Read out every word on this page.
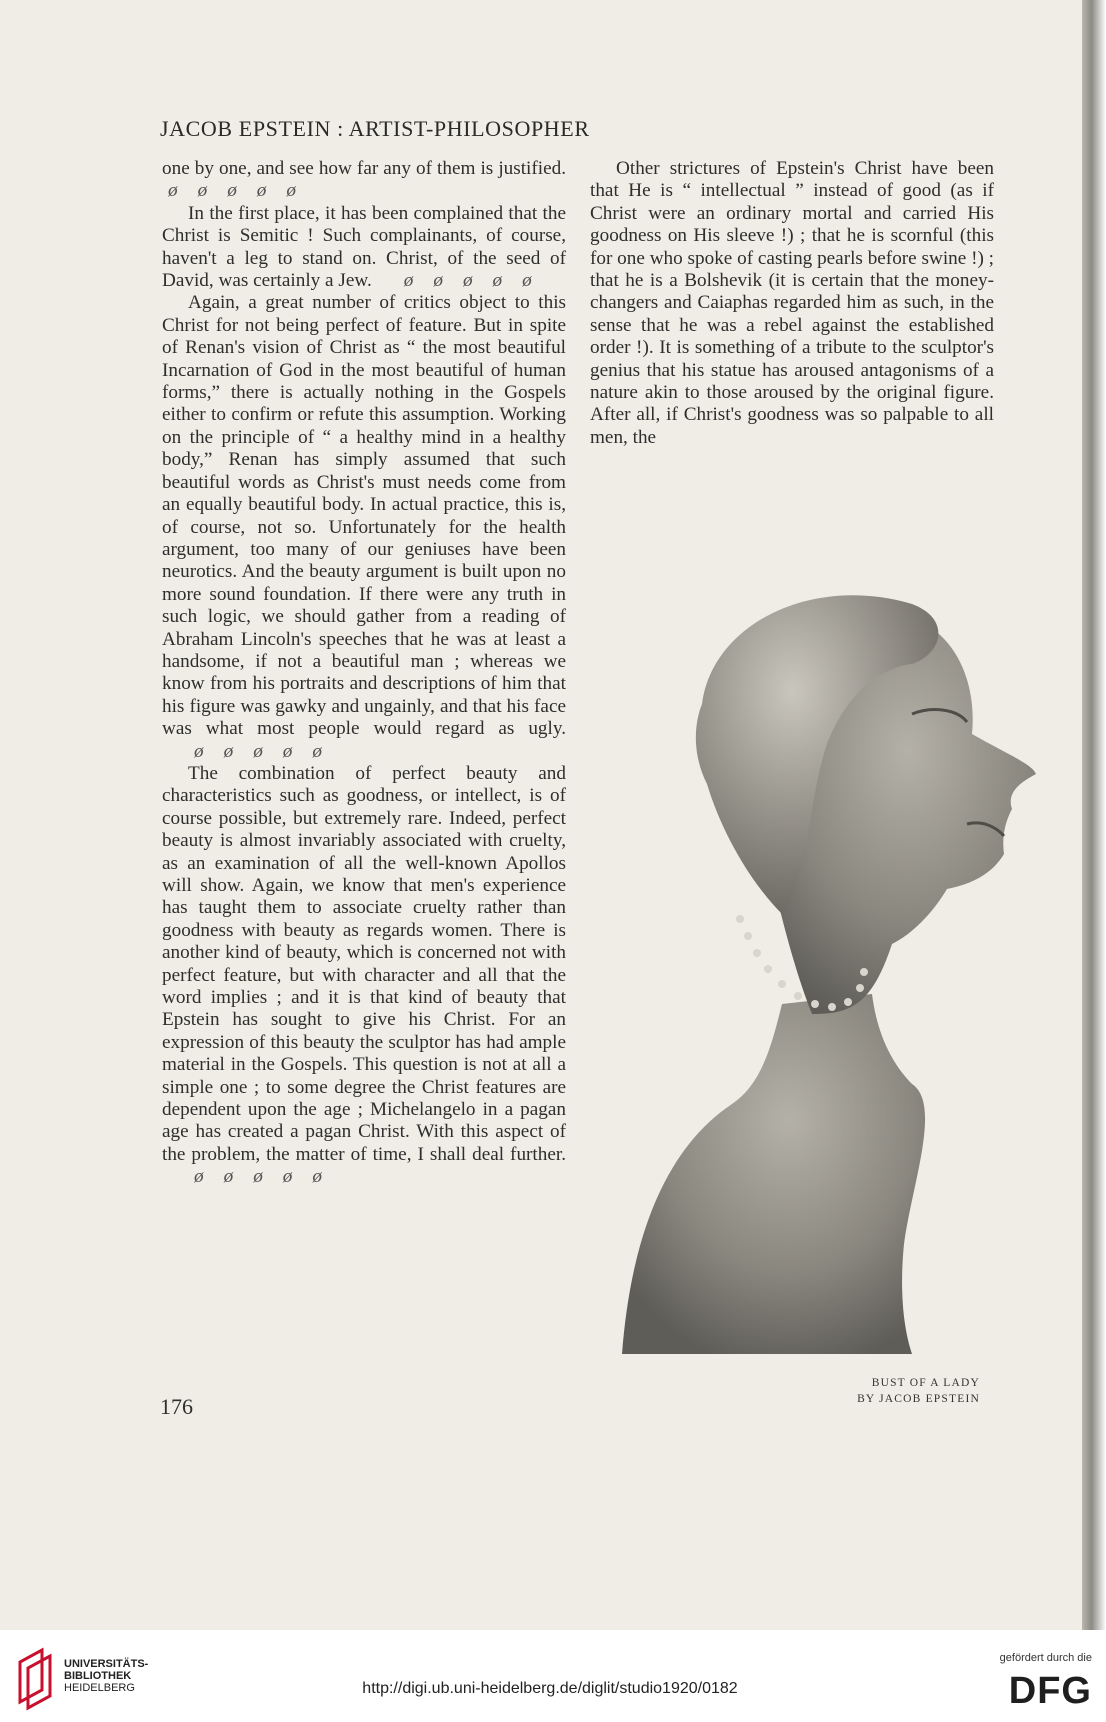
JACOB EPSTEIN : ARTIST-PHILOSOPHER

one by one, and see how far any of them is justified.øøøøø

In the first place, it has been complained that the Christ is Semitic ! Such complainants, of course, haven't a leg to stand on. Christ, of the seed of David, was certainly a Jew. øøøøø

Again, a great number of critics object to this Christ for not being perfect of feature. But in spite of Renan's vision of Christ as “ the most beautiful Incarnation of God in the most beautiful of human forms,” there is actually nothing in the Gospels either to confirm or refute this assumption. Working on the principle of “ a healthy mind in a healthy body,” Renan has simply assumed that such beautiful words as Christ's must needs come from an equally beautiful body. In actual practice, this is, of course, not so. Unfortunately for the health argument, too many of our geniuses have been neurotics. And the beauty argument is built upon no more sound foundation. If there were any truth in such logic, we should gather from a reading of Abraham Lincoln's speeches that he was at least a handsome, if not a beautiful man ; whereas we know from his portraits and descriptions of him that his figure was gawky and ungainly, and that his face was what most people would regard as ugly.øøøøø

The combination of perfect beauty and characteristics such as goodness, or intellect, is of course possible, but extremely rare. Indeed, perfect beauty is almost invariably associated with cruelty, as an examination of all the well-known Apollos will show. Again, we know that men's experience has taught them to associate cruelty rather than goodness with beauty as regards women. There is another kind of beauty, which is concerned not with perfect feature, but with character and all that the word implies ; and it is that kind of beauty that Epstein has sought to give his Christ. For an expression of this beauty the sculptor has had ample material in the Gospels. This question is not at all a simple one ; to some degree the Christ features are dependent upon the age ; Michelangelo in a pagan age has created a pagan Christ. With this aspect of the problem, the matter of time, I shall deal further.øøøøø

Other strictures of Epstein's Christ have been that He is “ intellectual ” instead of good (as if Christ were an ordinary mortal and carried His goodness on His sleeve !) ; that he is scornful (this for one who spoke of casting pearls before swine !) ; that he is a Bolshevik (it is certain that the money-changers and Caiaphas regarded him as such, in the sense that he was a rebel against the established order !). It is something of a tribute to the sculptor's genius that his statue has aroused antagonisms of a nature akin to those aroused by the original figure. After all, if Christ's goodness was so palpable to all men, the

BUST OF A LADY
BY JACOB EPSTEIN
176
UNIVERSITÄTS-
BIBLIOTHEK
HEIDELBERG	http://digi.ub.uni-heidelberg.de/diglit/studio1920/0182
gefördert durch die
DFG
